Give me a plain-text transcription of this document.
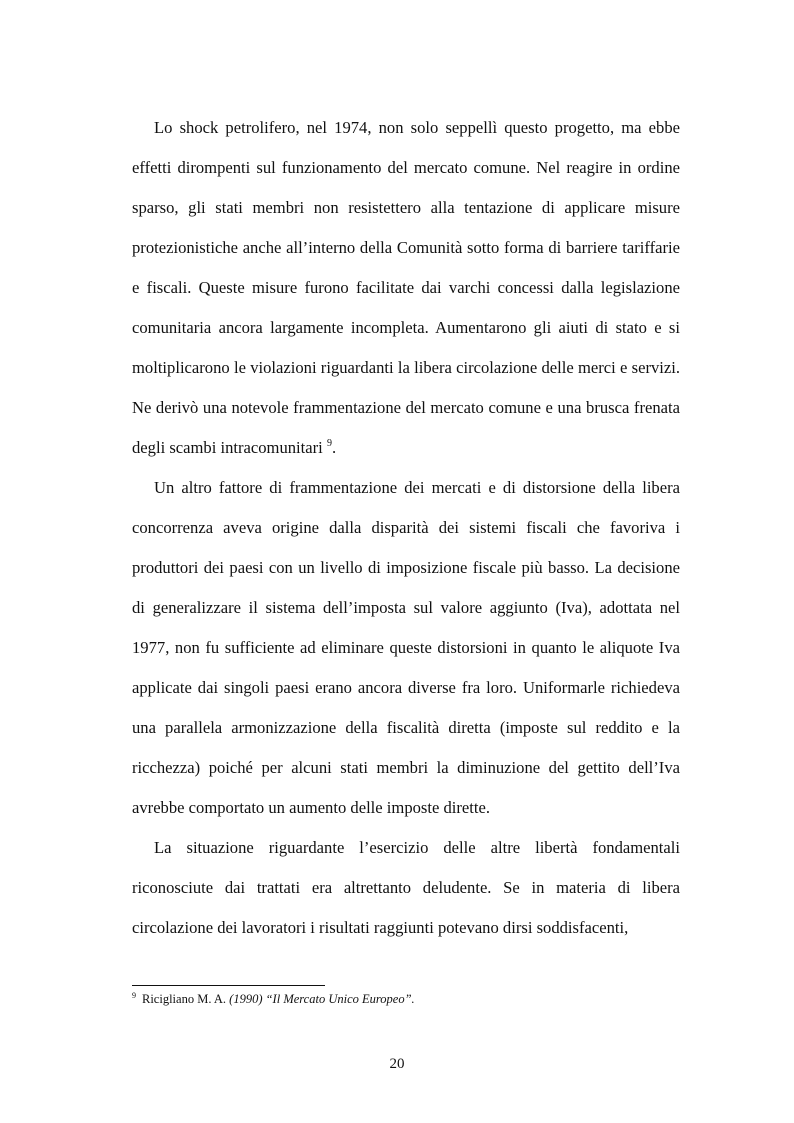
Lo shock petrolifero, nel 1974, non solo seppellì questo progetto, ma ebbe effetti dirompenti sul funzionamento del mercato comune. Nel reagire in ordine sparso, gli stati membri non resistettero alla tentazione di applicare misure protezionistiche anche all’interno della Comunità sotto forma di barriere tariffarie e fiscali. Queste misure furono facilitate dai varchi concessi dalla legislazione comunitaria ancora largamente incompleta. Aumentarono gli aiuti di stato e si moltiplicarono le violazioni riguardanti la libera circolazione delle merci e servizi. Ne derivò una notevole frammentazione del mercato comune e una brusca frenata degli scambi intracomunitari $^9$.

Un altro fattore di frammentazione dei mercati e di distorsione della libera concorrenza aveva origine dalla disparità dei sistemi fiscali che favoriva i produttori dei paesi con un livello di imposizione fiscale più basso. La decisione di generalizzare il sistema dell’imposta sul valore aggiunto (Iva), adottata nel 1977, non fu sufficiente ad eliminare queste distorsioni in quanto le aliquote Iva applicate dai singoli paesi erano ancora diverse fra loro. Uniformarle richiedeva una parallela armonizzazione della fiscalità diretta (imposte sul reddito e la ricchezza) poiché per alcuni stati membri la diminuzione del gettito dell’Iva avrebbe comportato un aumento delle imposte dirette.

La situazione riguardante l’esercizio delle altre libertà fondamentali riconosciute dai trattati era altrettanto deludente. Se in materia di libera circolazione dei lavoratori i risultati raggiunti potevano dirsi soddisfacenti,

$^9$ Ricigliano M. A. (1990) “Il Mercato Unico Europeo”.

20
